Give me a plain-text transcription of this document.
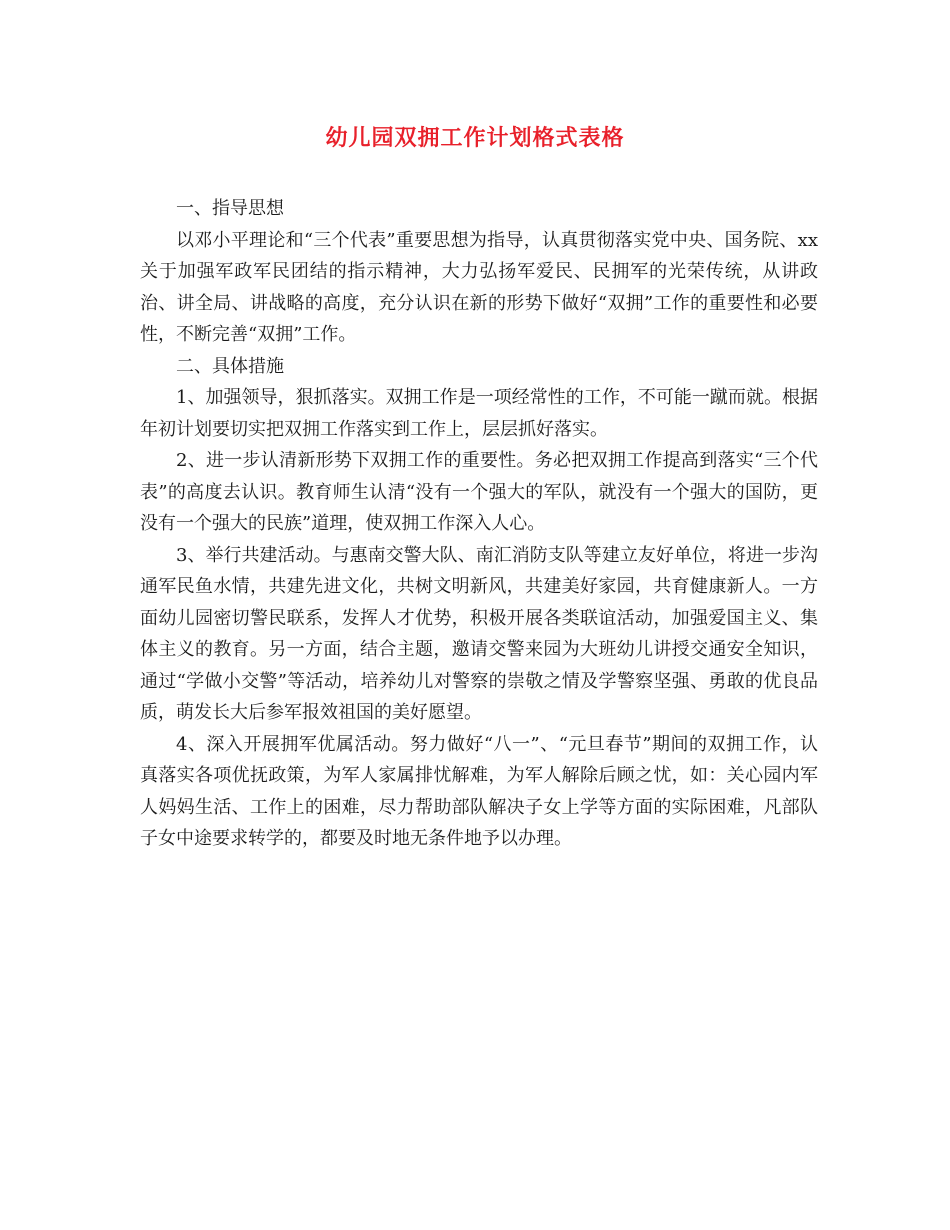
幼儿园双拥工作计划格式表格

一、指导思想

以邓小平理论和“三个代表”重要思想为指导，认真贯彻落实党中央、国务院、xx关于加强军政军民团结的指示精神，大力弘扬军爱民、民拥军的光荣传统，从讲政治、讲全局、讲战略的高度，充分认识在新的形势下做好“双拥”工作的重要性和必要性，不断完善“双拥”工作。

二、具体措施

1、加强领导，狠抓落实。双拥工作是一项经常性的工作，不可能一蹴而就。根据年初计划要切实把双拥工作落实到工作上，层层抓好落实。

2、进一步认清新形势下双拥工作的重要性。务必把双拥工作提高到落实“三个代表”的高度去认识。教育师生认清“没有一个强大的军队，就没有一个强大的国防，更没有一个强大的民族”道理，使双拥工作深入人心。

3、举行共建活动。与惠南交警大队、南汇消防支队等建立友好单位，将进一步沟通军民鱼水情，共建先进文化，共树文明新风，共建美好家园，共育健康新人。一方面幼儿园密切警民联系，发挥人才优势，积极开展各类联谊活动，加强爱国主义、集体主义的教育。另一方面，结合主题，邀请交警来园为大班幼儿讲授交通安全知识，通过“学做小交警”等活动，培养幼儿对警察的崇敬之情及学警察坚强、勇敢的优良品质，萌发长大后参军报效祖国的美好愿望。

4、深入开展拥军优属活动。努力做好“八一”、“元旦春节”期间的双拥工作，认真落实各项优抚政策，为军人家属排忧解难，为军人解除后顾之忧，如：关心园内军人妈妈生活、工作上的困难，尽力帮助部队解决子女上学等方面的实际困难，凡部队子女中途要求转学的，都要及时地无条件地予以办理。
